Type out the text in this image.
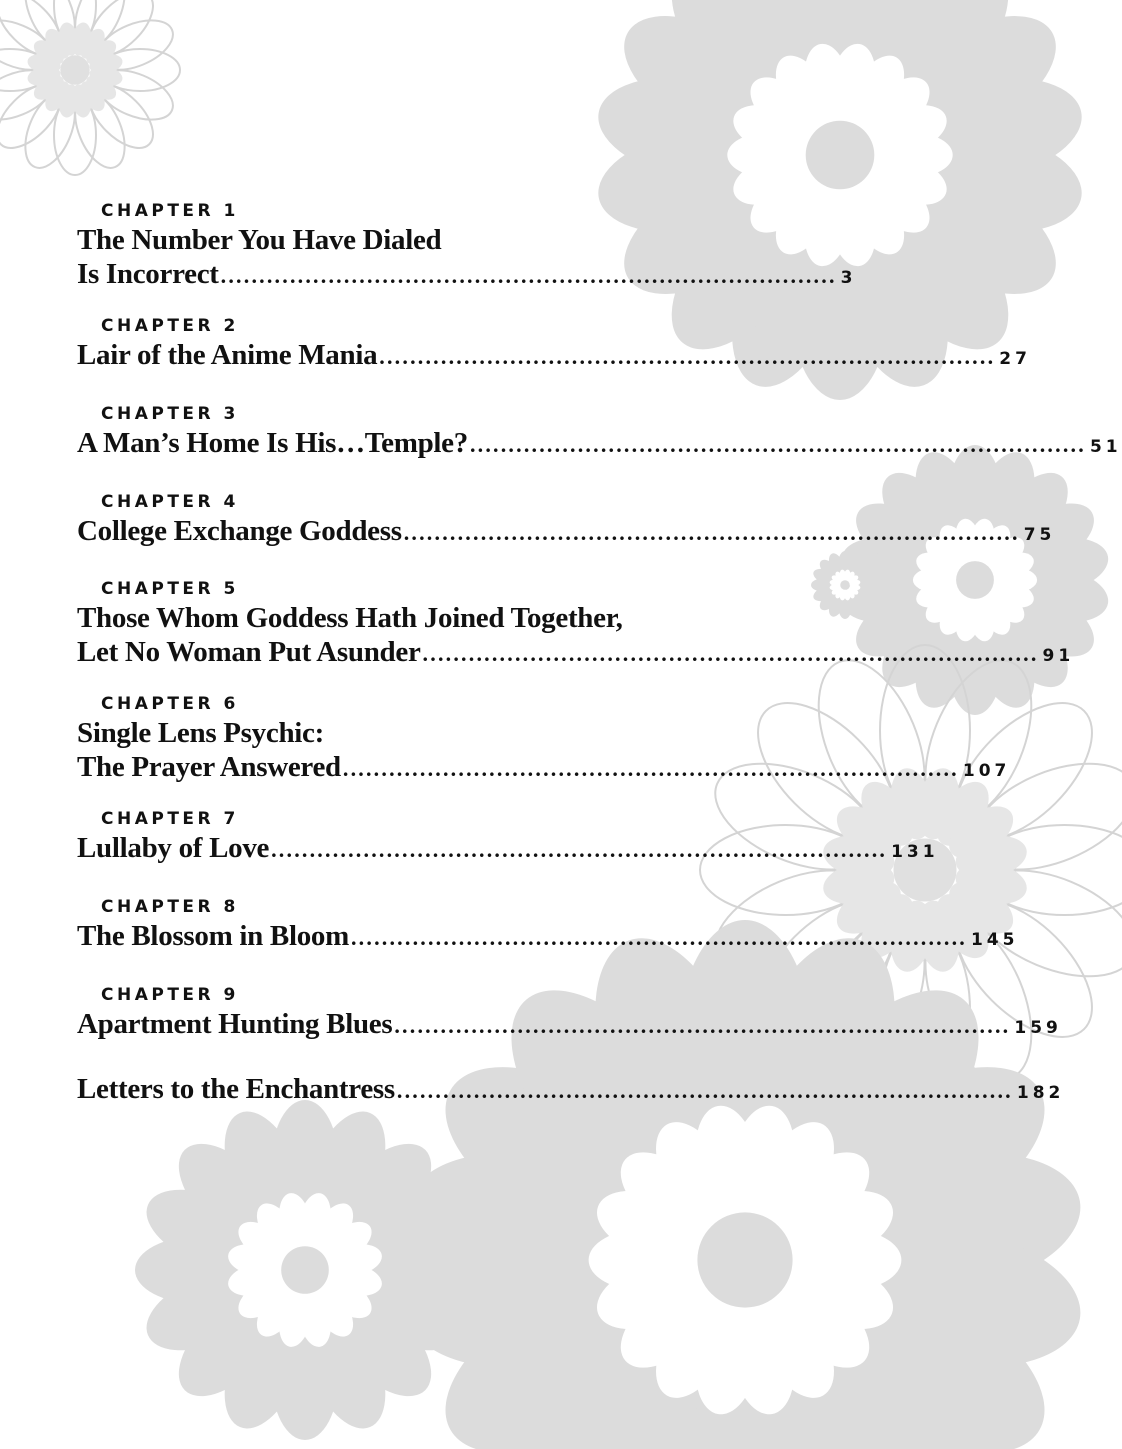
CHAPTER 1
The Number You Have Dialed
Is Incorrect ................................................................................ 3
CHAPTER 2
Lair of the Anime Mania ................................................................................ 27
CHAPTER 3
A Man’s Home Is His…Temple? ................................................................................ 51
CHAPTER 4
College Exchange Goddess ................................................................................ 75
CHAPTER 5
Those Whom Goddess Hath Joined Together,
Let No Woman Put Asunder ................................................................................ 91
CHAPTER 6
Single Lens Psychic:
The Prayer Answered ................................................................................ 107
CHAPTER 7
Lullaby of Love ................................................................................ 131
CHAPTER 8
The Blossom in Bloom ................................................................................ 145
CHAPTER 9
Apartment Hunting Blues ................................................................................ 159
Letters to the Enchantress ................................................................................ 182
